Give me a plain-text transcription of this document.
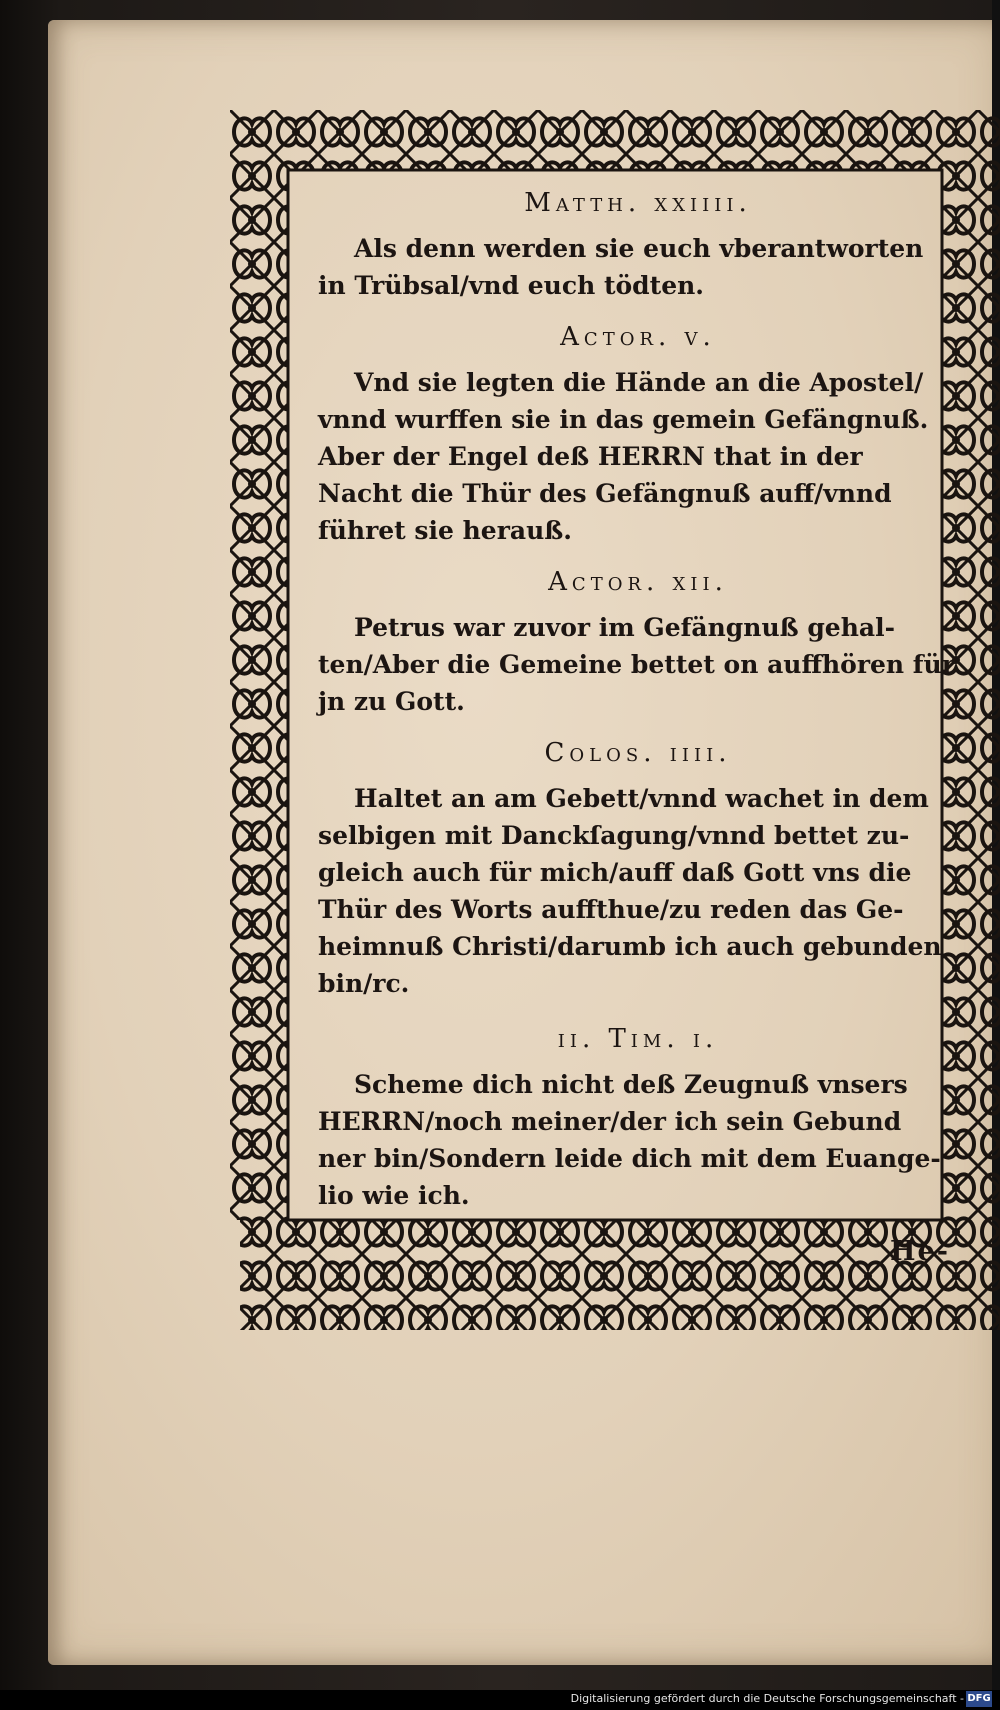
Matth. xxiiii.

Als denn werden sie euch vberantworten
in Trübsal/vnd euch tödten.

Actor. v.

Vnd sie legten die Hände an die Apostel/
vnnd wurffen sie in das gemein Gefängnuß.
Aber der Engel deß HERRN that in der
Nacht die Thür des Gefängnuß auff/vnnd
führet sie herauß.

Actor. xii.

Petrus war zuvor im Gefängnuß gehal-
ten/Aber die Gemeine bettet on auffhören für
jn zu Gott.

Colos. iiii.

Haltet an am Gebett/vnnd wachet in dem
selbigen mit Danckſagung/vnnd bettet zu-
gleich auch für mich/auff daß Gott vns die
Thür des Worts auffthue/zu reden das Ge-
heimnuß Christi/darumb ich auch gebunden
bin/rc.

ii. Tim. i.

Scheme dich nicht deß Zeugnuß vnsers
HERRN/noch meiner/der ich sein Gebund
ner bin/Sondern leide dich mit dem Euange-
lio wie ich.

He-
Digitalisierung gefördert durch die Deutsche Forschungsgemeinschaft - DFG
